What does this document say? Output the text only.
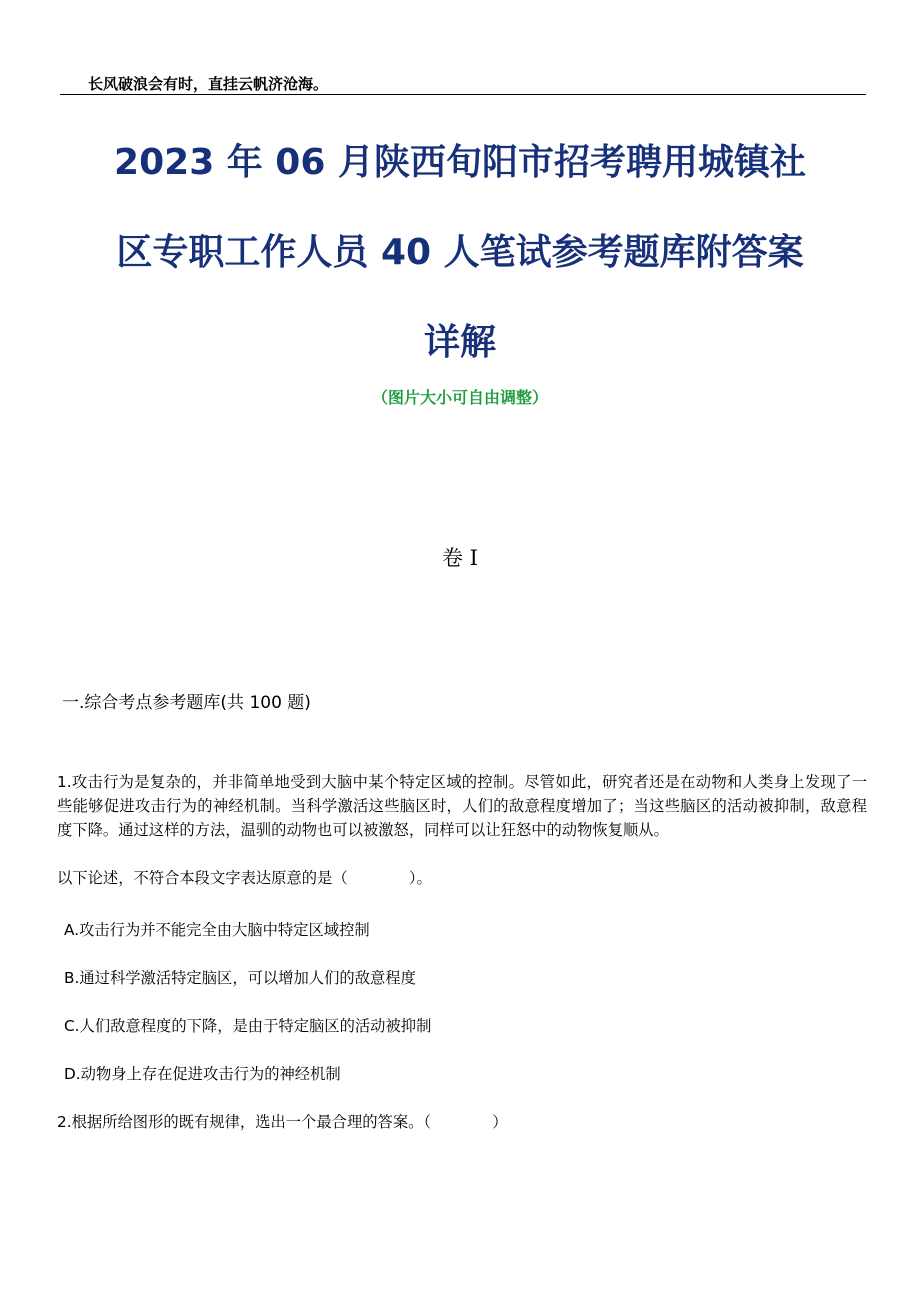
长风破浪会有时，直挂云帆济沧海。
2023 年 06 月陕西旬阳市招考聘用城镇社
区专职工作人员 40 人笔试参考题库附答案
详解
（图片大小可自由调整）
卷 I
一.综合考点参考题库(共 100 题)
1.攻击行为是复杂的，并非简单地受到大脑中某个特定区域的控制。尽管如此，研究者还是在动物和人类身上发现了一些能够促进攻击行为的神经机制。当科学激活这些脑区时，人们的敌意程度增加了；当这些脑区的活动被抑制，敌意程度下降。通过这样的方法，温驯的动物也可以被激怒，同样可以让狂怒中的动物恢复顺从。
以下论述，不符合本段文字表达原意的是（　　　　）。
A.攻击行为并不能完全由大脑中特定区域控制
B.通过科学激活特定脑区，可以增加人们的敌意程度
C.人们敌意程度的下降，是由于特定脑区的活动被抑制
D.动物身上存在促进攻击行为的神经机制
2.根据所给图形的既有规律，选出一个最合理的答案。（　　　　）
